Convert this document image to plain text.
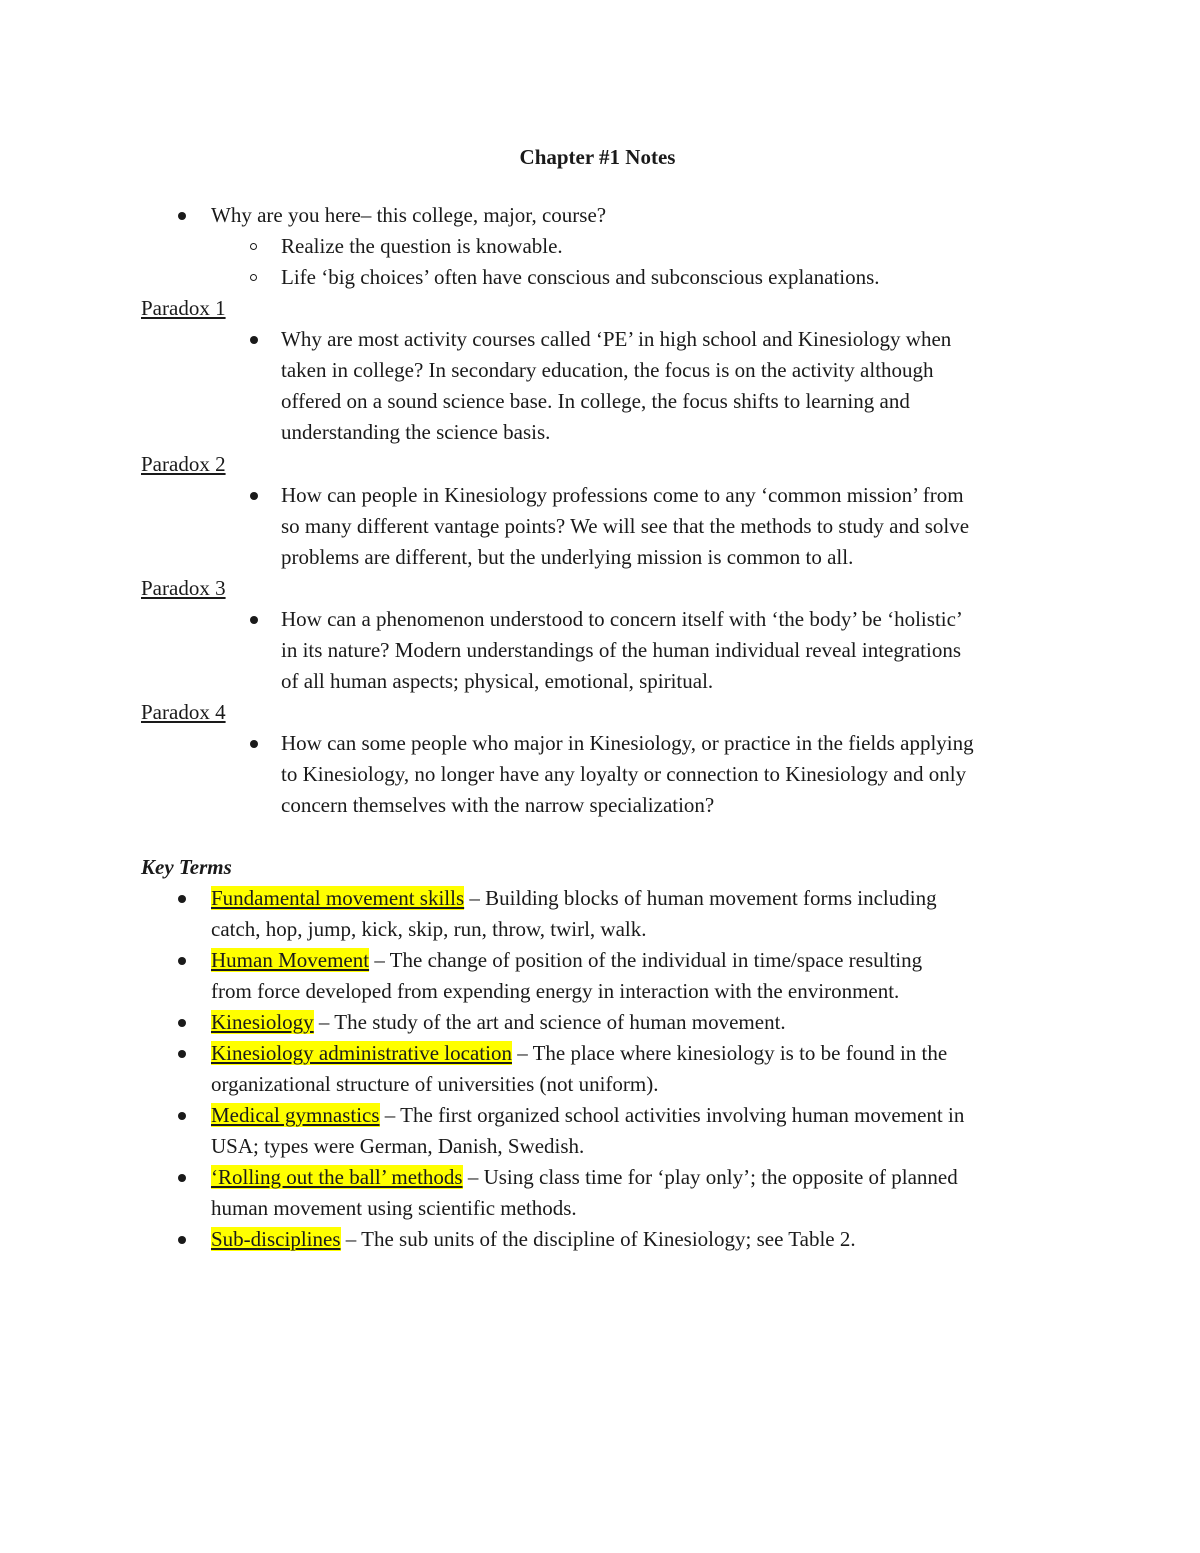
Chapter #1 Notes
Why are you here– this college, major, course?

Realize the question is knowable.

Life ‘big choices’ often have conscious and subconscious explanations.

Paradox 1

Why are most activity courses called ‘PE’ in high school and Kinesiology when

taken in college? In secondary education, the focus is on the activity although

offered on a sound science base. In college, the focus shifts to learning and

understanding the science basis.

Paradox 2

How can people in Kinesiology professions come to any ‘common mission’ from

so many different vantage points? We will see that the methods to study and solve

problems are different, but the underlying mission is common to all.

Paradox 3

How can a phenomenon understood to concern itself with ‘the body’ be ‘holistic’

in its nature? Modern understandings of the human individual reveal integrations

of all human aspects; physical, emotional, spiritual.

Paradox 4

How can some people who major in Kinesiology, or practice in the fields applying

to Kinesiology, no longer have any loyalty or connection to Kinesiology and only

concern themselves with the narrow specialization?

Key Terms

Fundamental movement skills – Building blocks of human movement forms including

catch, hop, jump, kick, skip, run, throw, twirl, walk.

Human Movement – The change of position of the individual in time/space resulting

from force developed from expending energy in interaction with the environment.

Kinesiology – The study of the art and science of human movement.

Kinesiology administrative location – The place where kinesiology is to be found in the

organizational structure of universities (not uniform).

Medical gymnastics – The first organized school activities involving human movement in

USA; types were German, Danish, Swedish.

‘Rolling out the ball’ methods – Using class time for ‘play only’; the opposite of planned

human movement using scientific methods.

Sub-disciplines – The sub units of the discipline of Kinesiology; see Table 2.
